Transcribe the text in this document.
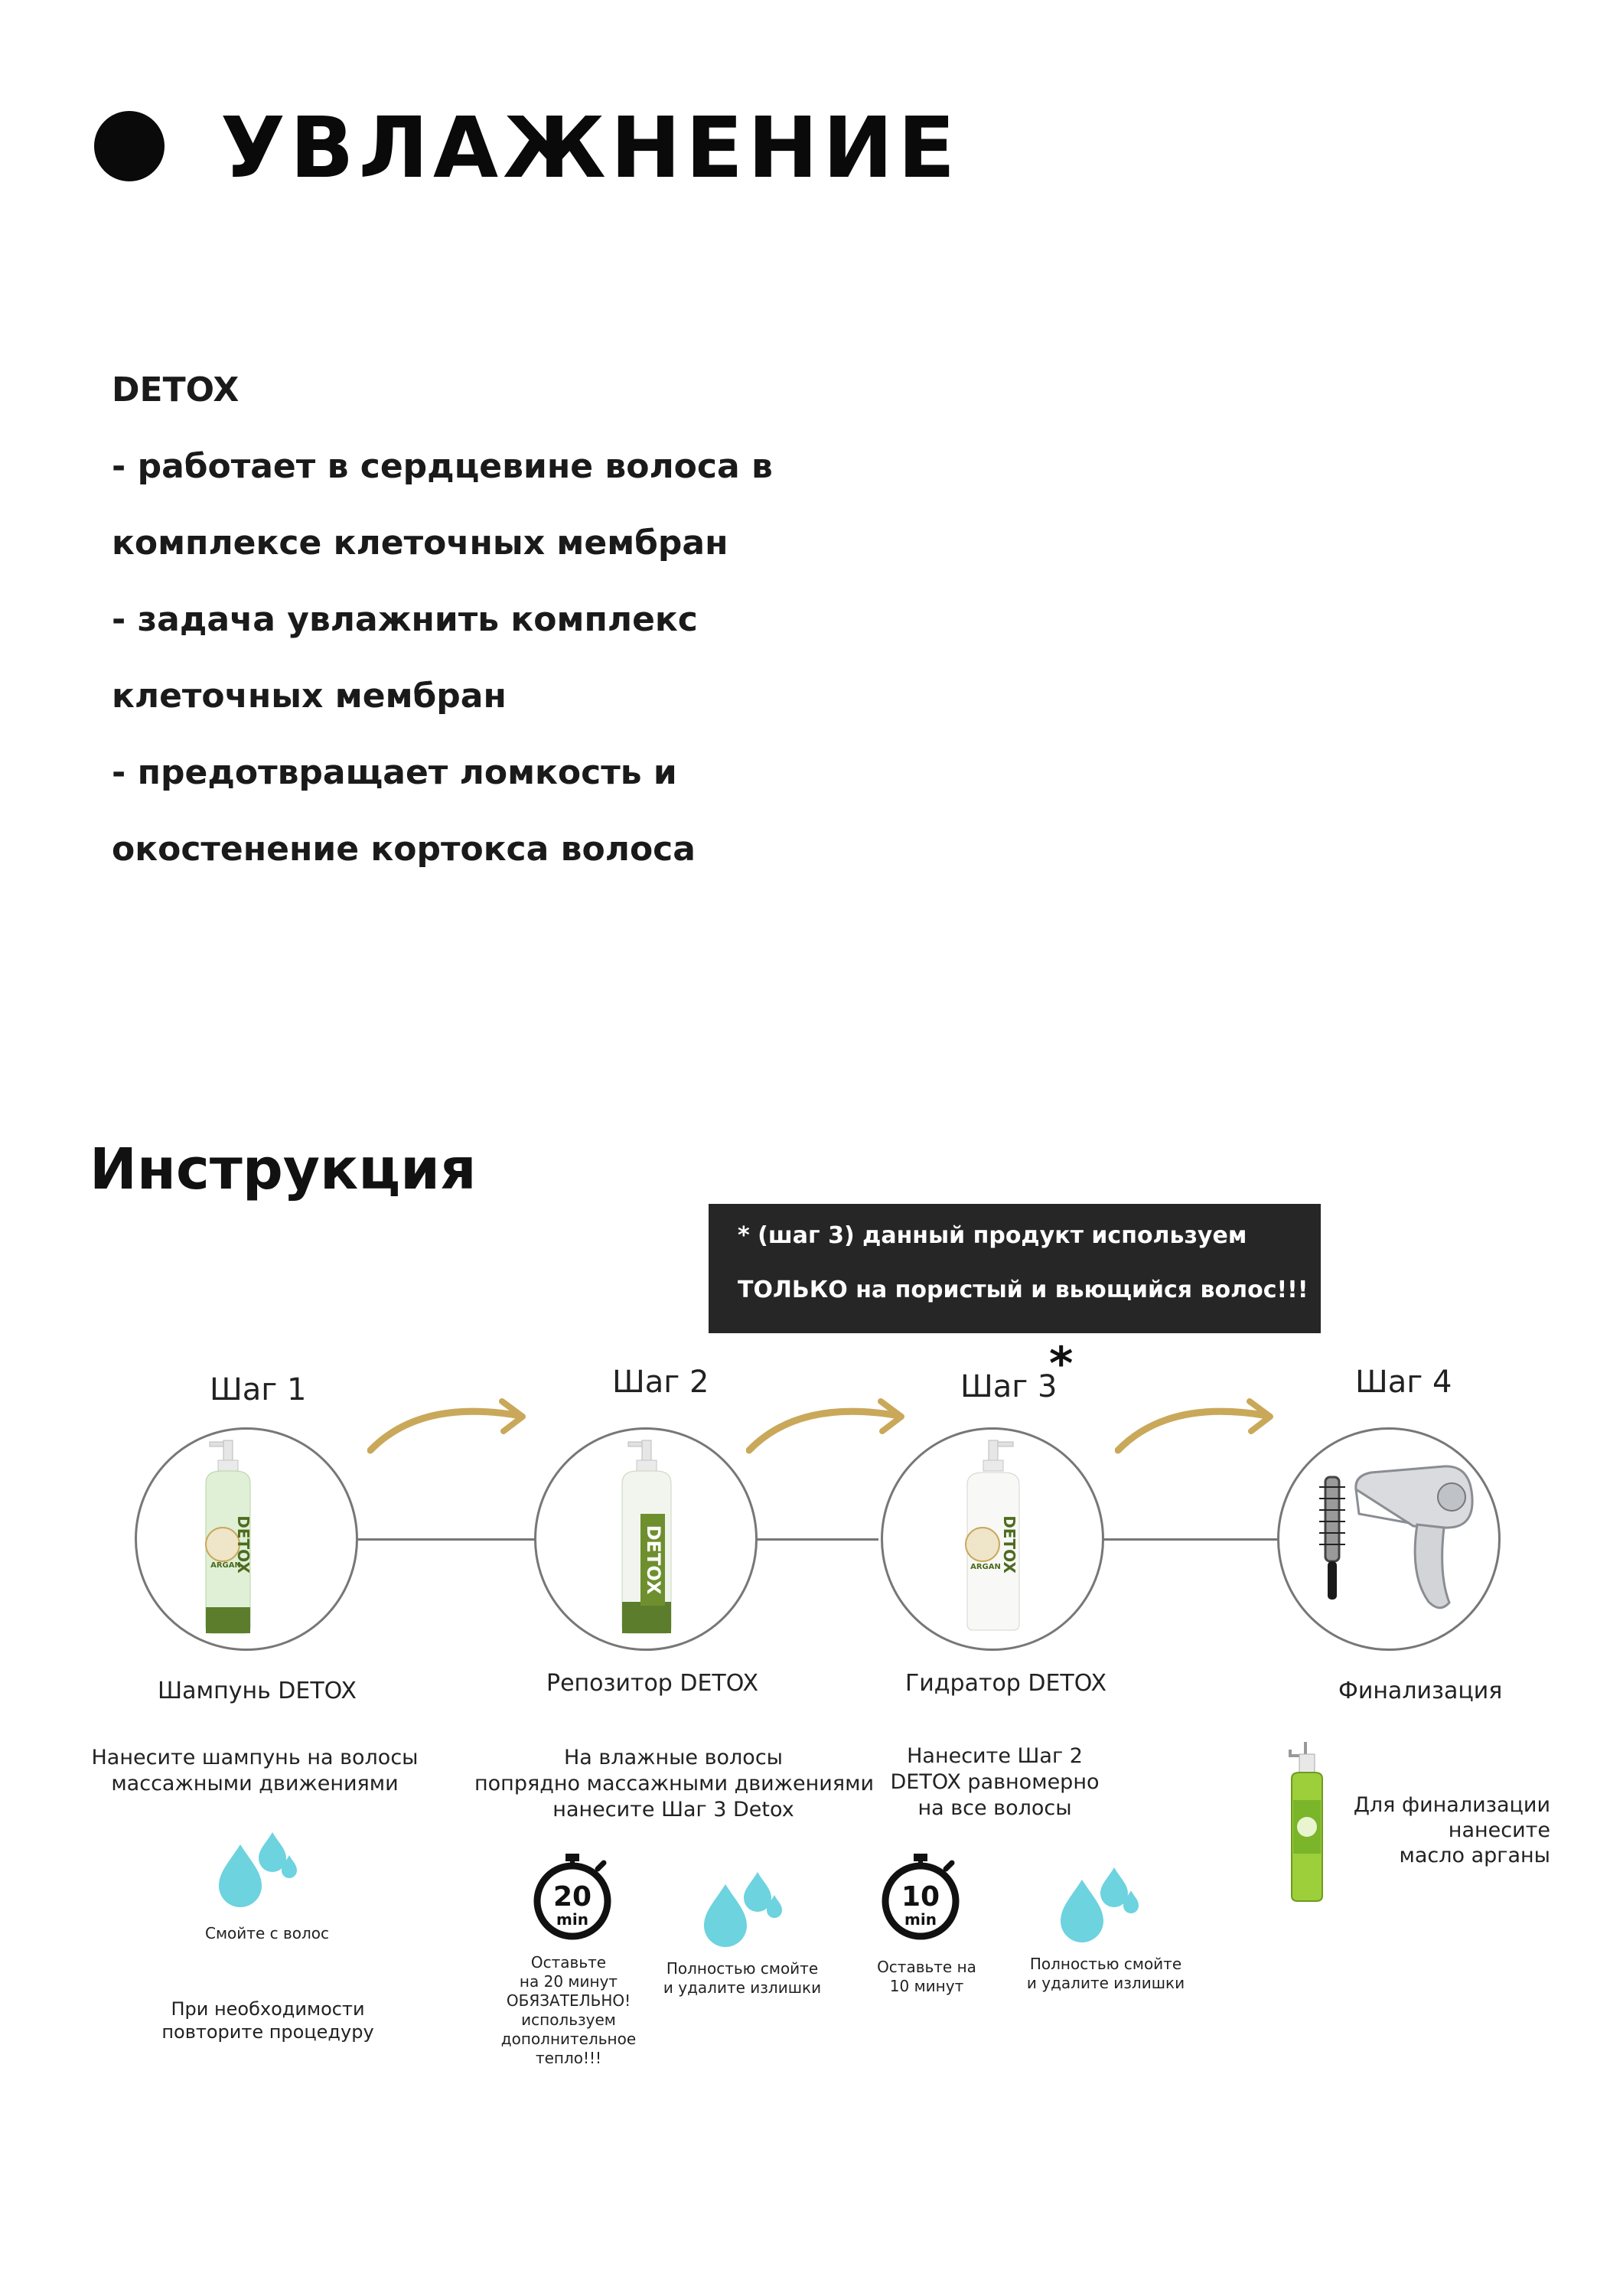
УВЛАЖНЕНИЕ
DETOX
- работает в сердцевине волоса в
комплексе клеточных мембран
- задача увлажнить комплекс
клеточных мембран
- предотвращает ломкость и
окостенение кортокса волоса
Инструкция
* (шаг 3) данный продукт используем
ТОЛЬКО на пористый и вьющийся волос!!!
Шаг 1	Шаг 2	Шаг 3
*	Шаг 4
DETOX
ARGAN	DETOX	DETOX
ARGAN
Шампунь DETOX	Репозитор DETOX	Гидратор DETOX	Финализация
Нанесите шампунь на волосы
массажными движениями
На влажные волосы
попрядно массажными движениями
нанесите Шаг 3 Detox
Нанесите Шаг 2
DETOX равномерно
на все волосы	Для финализации
нанесите
масло арганы
Смойте с волос
При необходимости
повторите процедуру
20
min
Оставьте
на 20 минут
ОБЯЗАТЕЛЬНО!
используем
дополнительное
тепло!!!
Полностью смойте
и удалите излишки
10
min
Оставьте на
10 минут
Полностью смойте
и удалите излишки
